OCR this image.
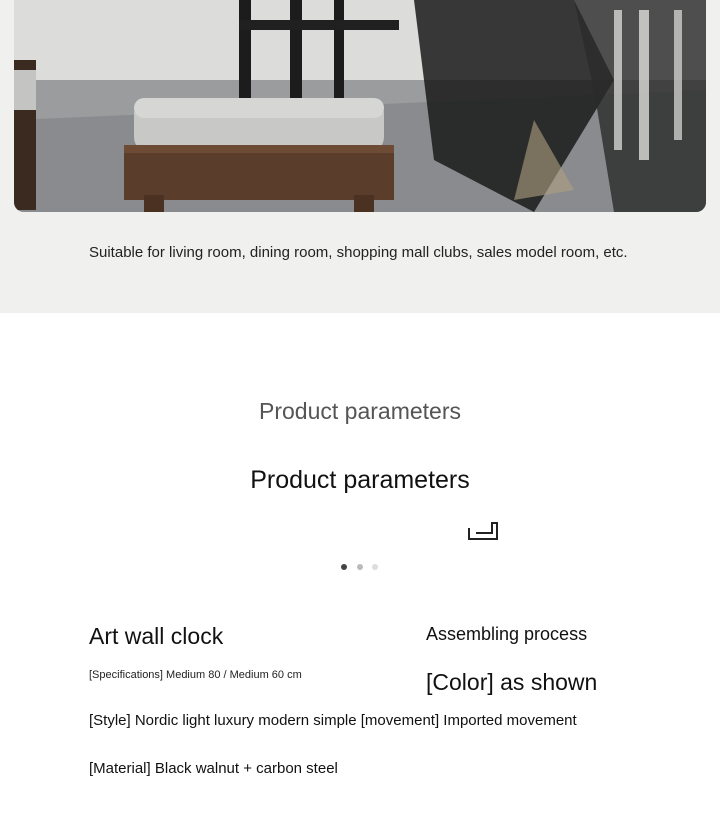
Suitable for living room, dining room, shopping mall clubs, sales model room, etc.
Product parameters
Product parameters
Art wall clock	Assembling process
[Specifications] Medium 80 / Medium 60 cm	[Color] as shown
[Style] Nordic light luxury modern simple [movement] Imported movement
[Material] Black walnut + carbon steel
